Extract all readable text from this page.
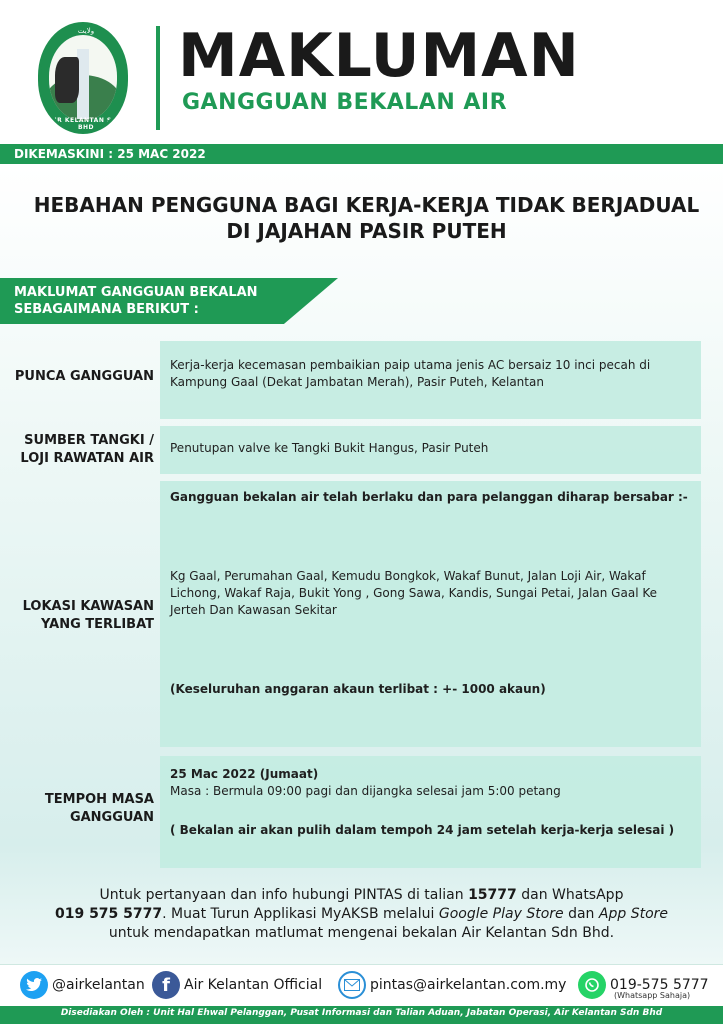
ولايت
AIR KELANTAN SDN BHD
MAKLUMAN
GANGGUAN BEKALAN AIR
DIKEMASKINI : 25 MAC 2022
HEBAHAN PENGGUNA BAGI KERJA-KERJA TIDAK BERJADUAL
DI JAJAHAN PASIR PUTEH
MAKLUMAT GANGGUAN BEKALAN
SEBAGAIMANA BERIKUT :
PUNCA GANGGUAN

Kerja-kerja kecemasan pembaikian paip utama jenis AC bersaiz 10 inci pecah di Kampung Gaal (Dekat Jambatan Merah), Pasir Puteh, Kelantan

SUMBER TANGKI /
LOJI RAWATAN AIR

Penutupan valve ke Tangki Bukit Hangus, Pasir Puteh

LOKASI KAWASAN
YANG TERLIBAT

Gangguan bekalan air telah berlaku dan para pelanggan diharap bersabar :-

Kg Gaal, Perumahan Gaal, Kemudu Bongkok, Wakaf Bunut, Jalan Loji Air, Wakaf Lichong, Wakaf Raja, Bukit Yong , Gong Sawa, Kandis, Sungai Petai, Jalan Gaal Ke Jerteh Dan Kawasan Sekitar

(Keseluruhan anggaran akaun terlibat : +- 1000 akaun)

TEMPOH MASA
GANGGUAN

25 Mac 2022 (Jumaat)

Masa : Bermula 09:00 pagi dan dijangka selesai jam 5:00 petang

( Bekalan air akan pulih dalam tempoh 24 jam setelah kerja-kerja selesai )

Untuk pertanyaan dan info hubungi PINTAS di talian 15777 dan WhatsApp
019 575 5777. Muat Turun Applikasi MyAKSB melalui Google Play Store dan App Store
untuk mendapatkan matlumat mengenai bekalan Air Kelantan Sdn Bhd.
@airkelantan f	Air Kelantan Official	pintas@airkelantan.com.my	019-575 5777
(Whatsapp Sahaja)
Disediakan Oleh : Unit Hal Ehwal Pelanggan, Pusat Informasi dan Talian Aduan, Jabatan Operasi, Air Kelantan Sdn Bhd
